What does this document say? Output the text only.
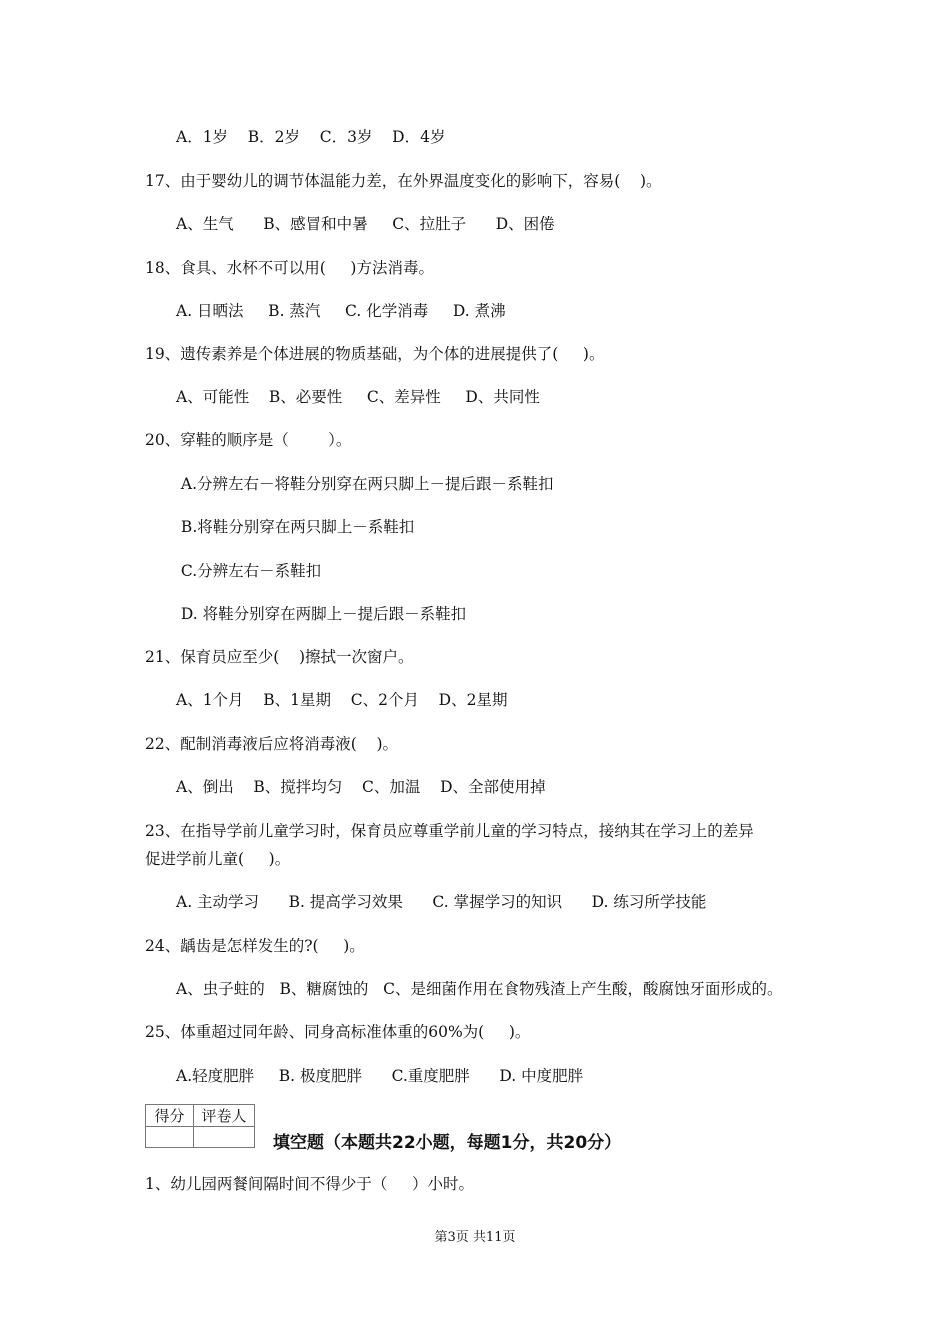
A．1岁    B．2岁    C．3岁    D．4岁
17、由于婴幼儿的调节体温能力差，在外界温度变化的影响下，容易(    )。
A、生气      B、感冒和中暑     C、拉肚子      D、困倦
18、食具、水杯不可以用(     )方法消毒。
A. 日晒法     B. 蒸汽     C. 化学消毒     D. 煮沸
19、遗传素养是个体进展的物质基础，为个体的进展提供了(     )。
A、可能性    B、必要性     C、差异性     D、共同性
20、穿鞋的顺序是（        ）。
A.分辨左右－将鞋分别穿在两只脚上－提后跟－系鞋扣
B.将鞋分别穿在两只脚上－系鞋扣
C.分辨左右－系鞋扣
D. 将鞋分别穿在两脚上－提后跟－系鞋扣
21、保育员应至少(    )擦拭一次窗户。
A、1个月    B、1星期    C、2个月    D、2星期
22、配制消毒液后应将消毒液(    )。
A、倒出    B、搅拌均匀    C、加温    D、全部使用掉
23、在指导学前儿童学习时，保育员应尊重学前儿童的学习特点，接纳其在学习上的差异
促进学前儿童(     )。
A. 主动学习      B. 提高学习效果      C. 掌握学习的知识      D. 练习所学技能
24、龋齿是怎样发生的?(     )。
A、虫子蛀的   B、糖腐蚀的   C、是细菌作用在食物残渣上产生酸，酸腐蚀牙面形成的。
25、体重超过同年龄、同身高标准体重的60%为(     )。
A.轻度肥胖     B. 极度肥胖      C.重度肥胖      D. 中度肥胖
1、幼儿园两餐间隔时间不得少于（     ）小时。
得分	评卷人

填空题（本题共22小题，每题1分，共20分）
第3页 共11页
